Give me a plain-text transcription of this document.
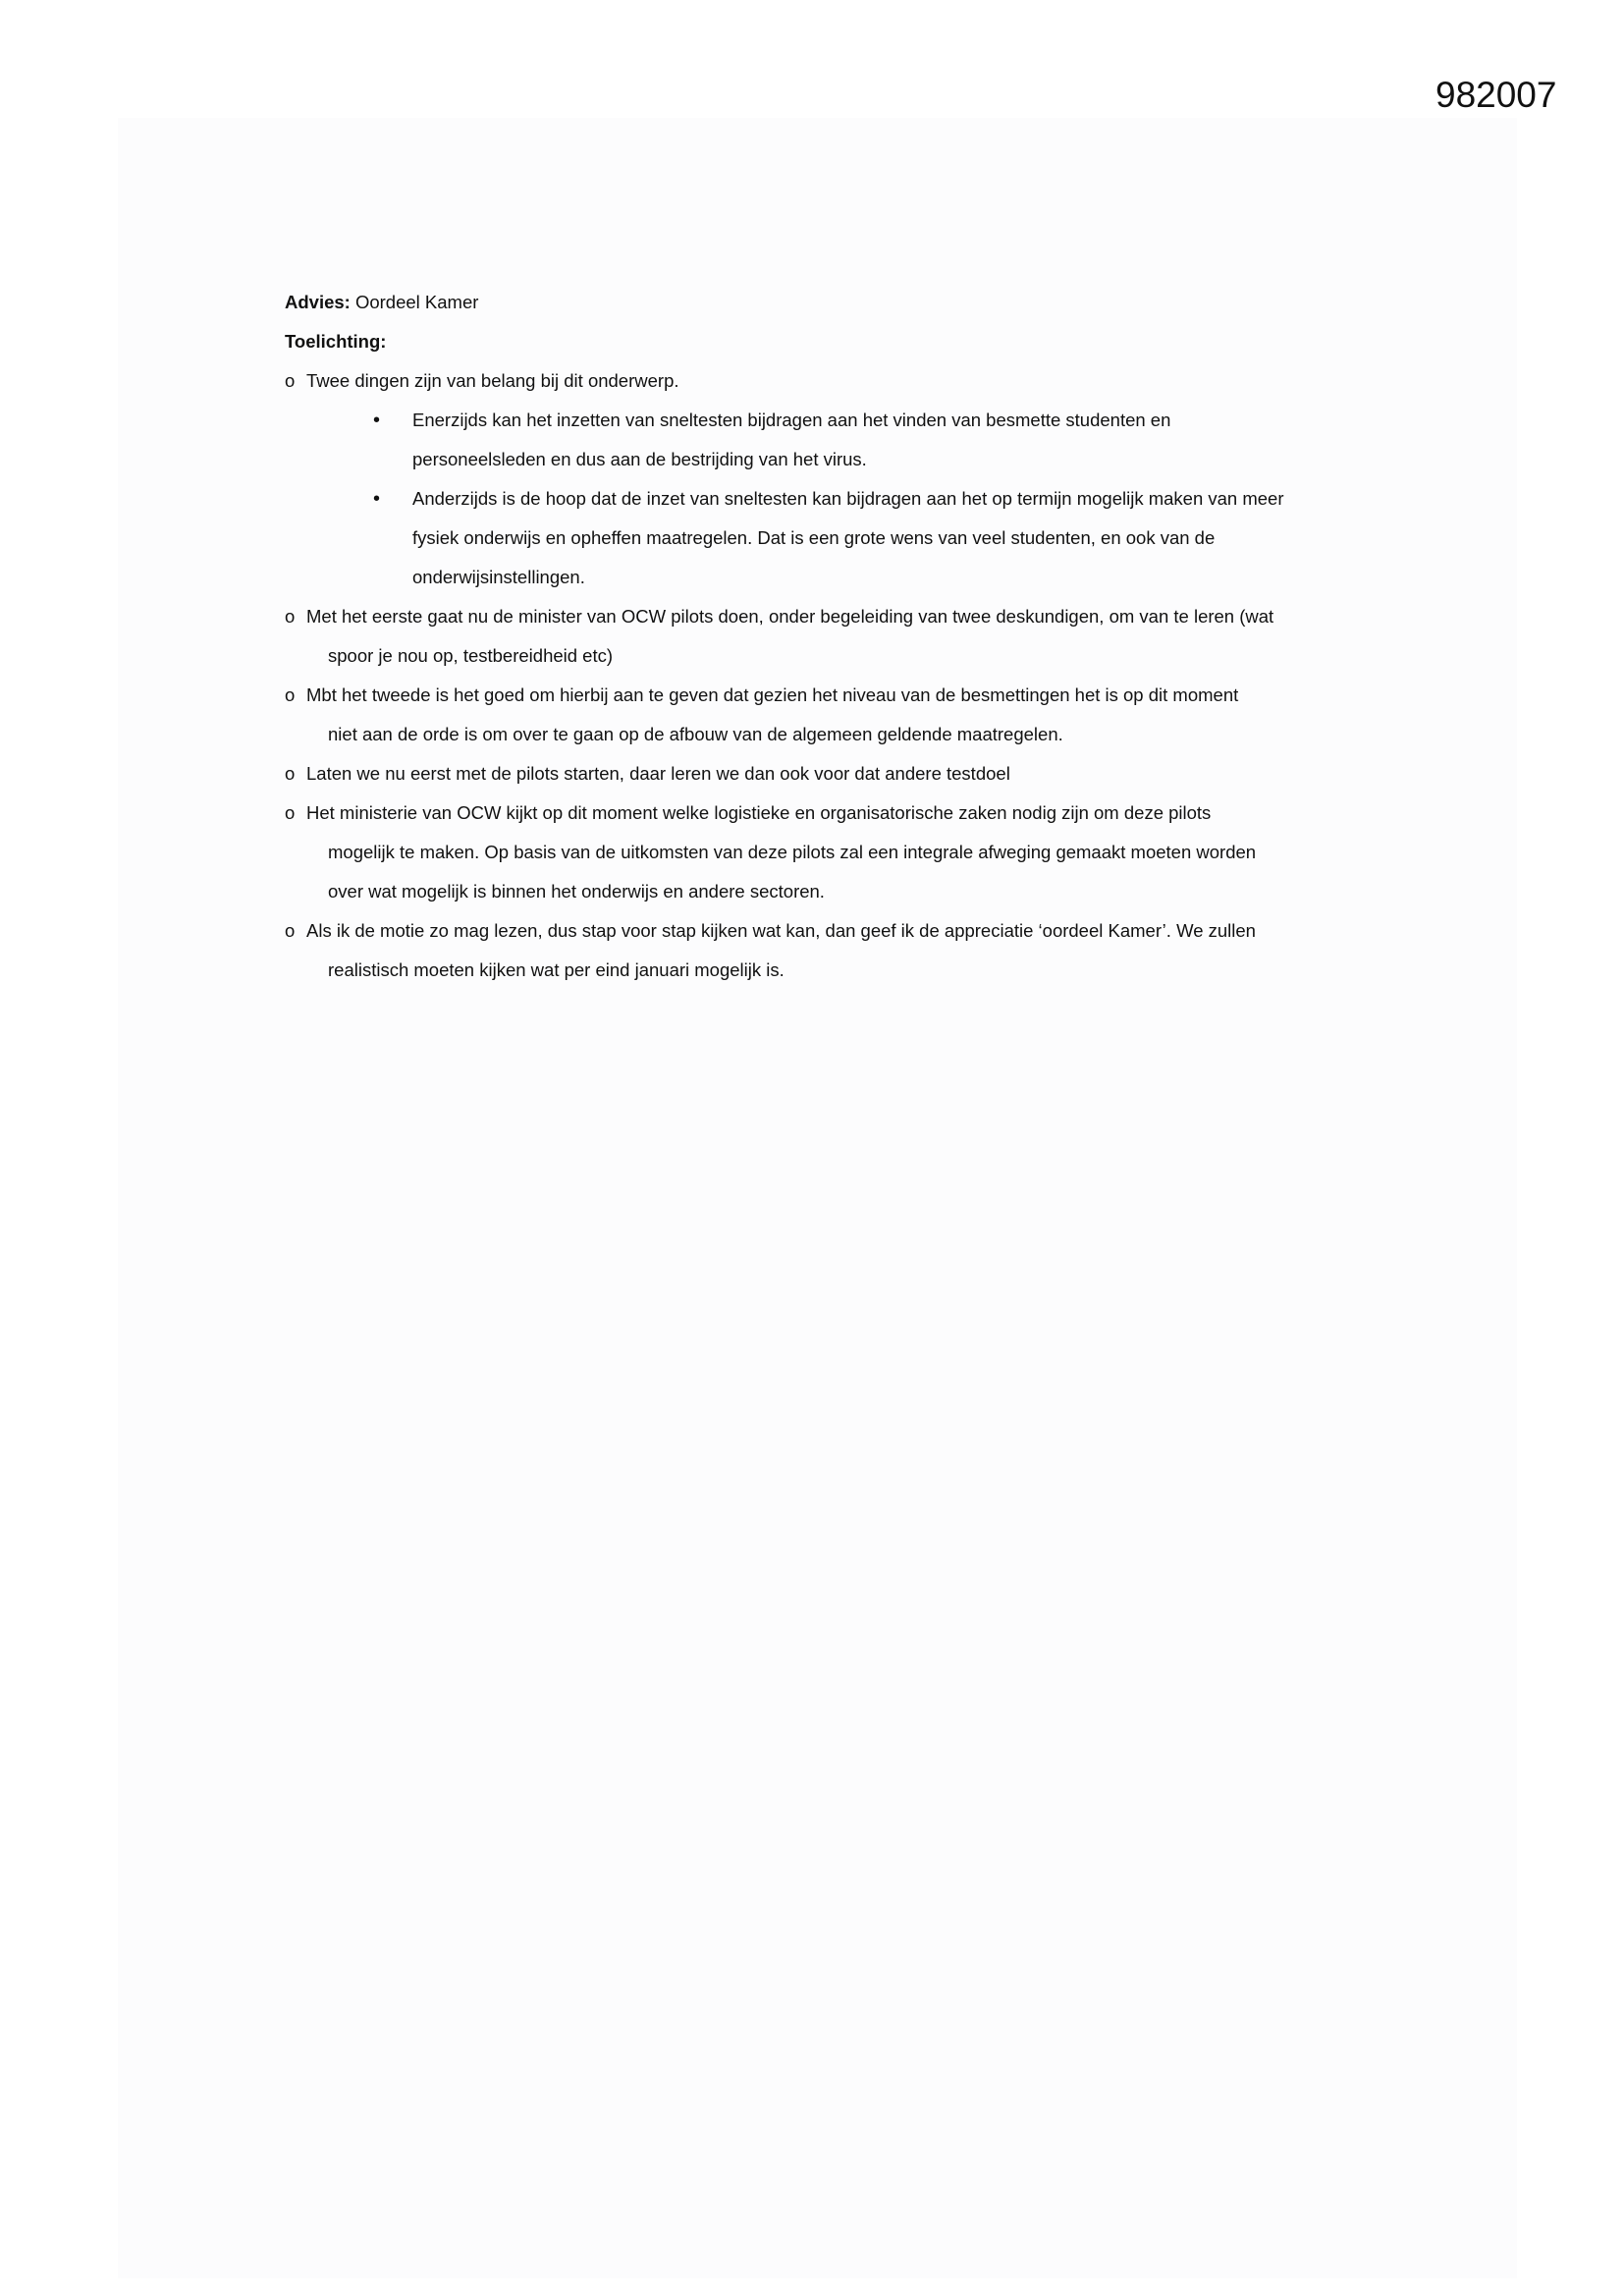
982007
Advies: Oordeel Kamer
Toelichting:
o Twee dingen zijn van belang bij dit onderwerp.
• Enerzijds kan het inzetten van sneltesten bijdragen aan het vinden van besmette studenten en
personeelsleden en dus aan de bestrijding van het virus.
• Anderzijds is de hoop dat de inzet van sneltesten kan bijdragen aan het op termijn mogelijk maken van meer
fysiek onderwijs en opheffen maatregelen. Dat is een grote wens van veel studenten, en ook van de
onderwijsinstellingen.
o Met het eerste gaat nu de minister van OCW pilots doen, onder begeleiding van twee deskundigen, om van te leren (wat
spoor je nou op, testbereidheid etc)
o Mbt het tweede is het goed om hierbij aan te geven dat gezien het niveau van de besmettingen het is op dit moment
niet aan de orde is om over te gaan op de afbouw van de algemeen geldende maatregelen.
o Laten we nu eerst met de pilots starten, daar leren we dan ook voor dat andere testdoel
o Het ministerie van OCW kijkt op dit moment welke logistieke en organisatorische zaken nodig zijn om deze pilots
mogelijk te maken. Op basis van de uitkomsten van deze pilots zal een integrale afweging gemaakt moeten worden
over wat mogelijk is binnen het onderwijs en andere sectoren.
o Als ik de motie zo mag lezen, dus stap voor stap kijken wat kan, dan geef ik de appreciatie ‘oordeel Kamer’. We zullen
realistisch moeten kijken wat per eind januari mogelijk is.
